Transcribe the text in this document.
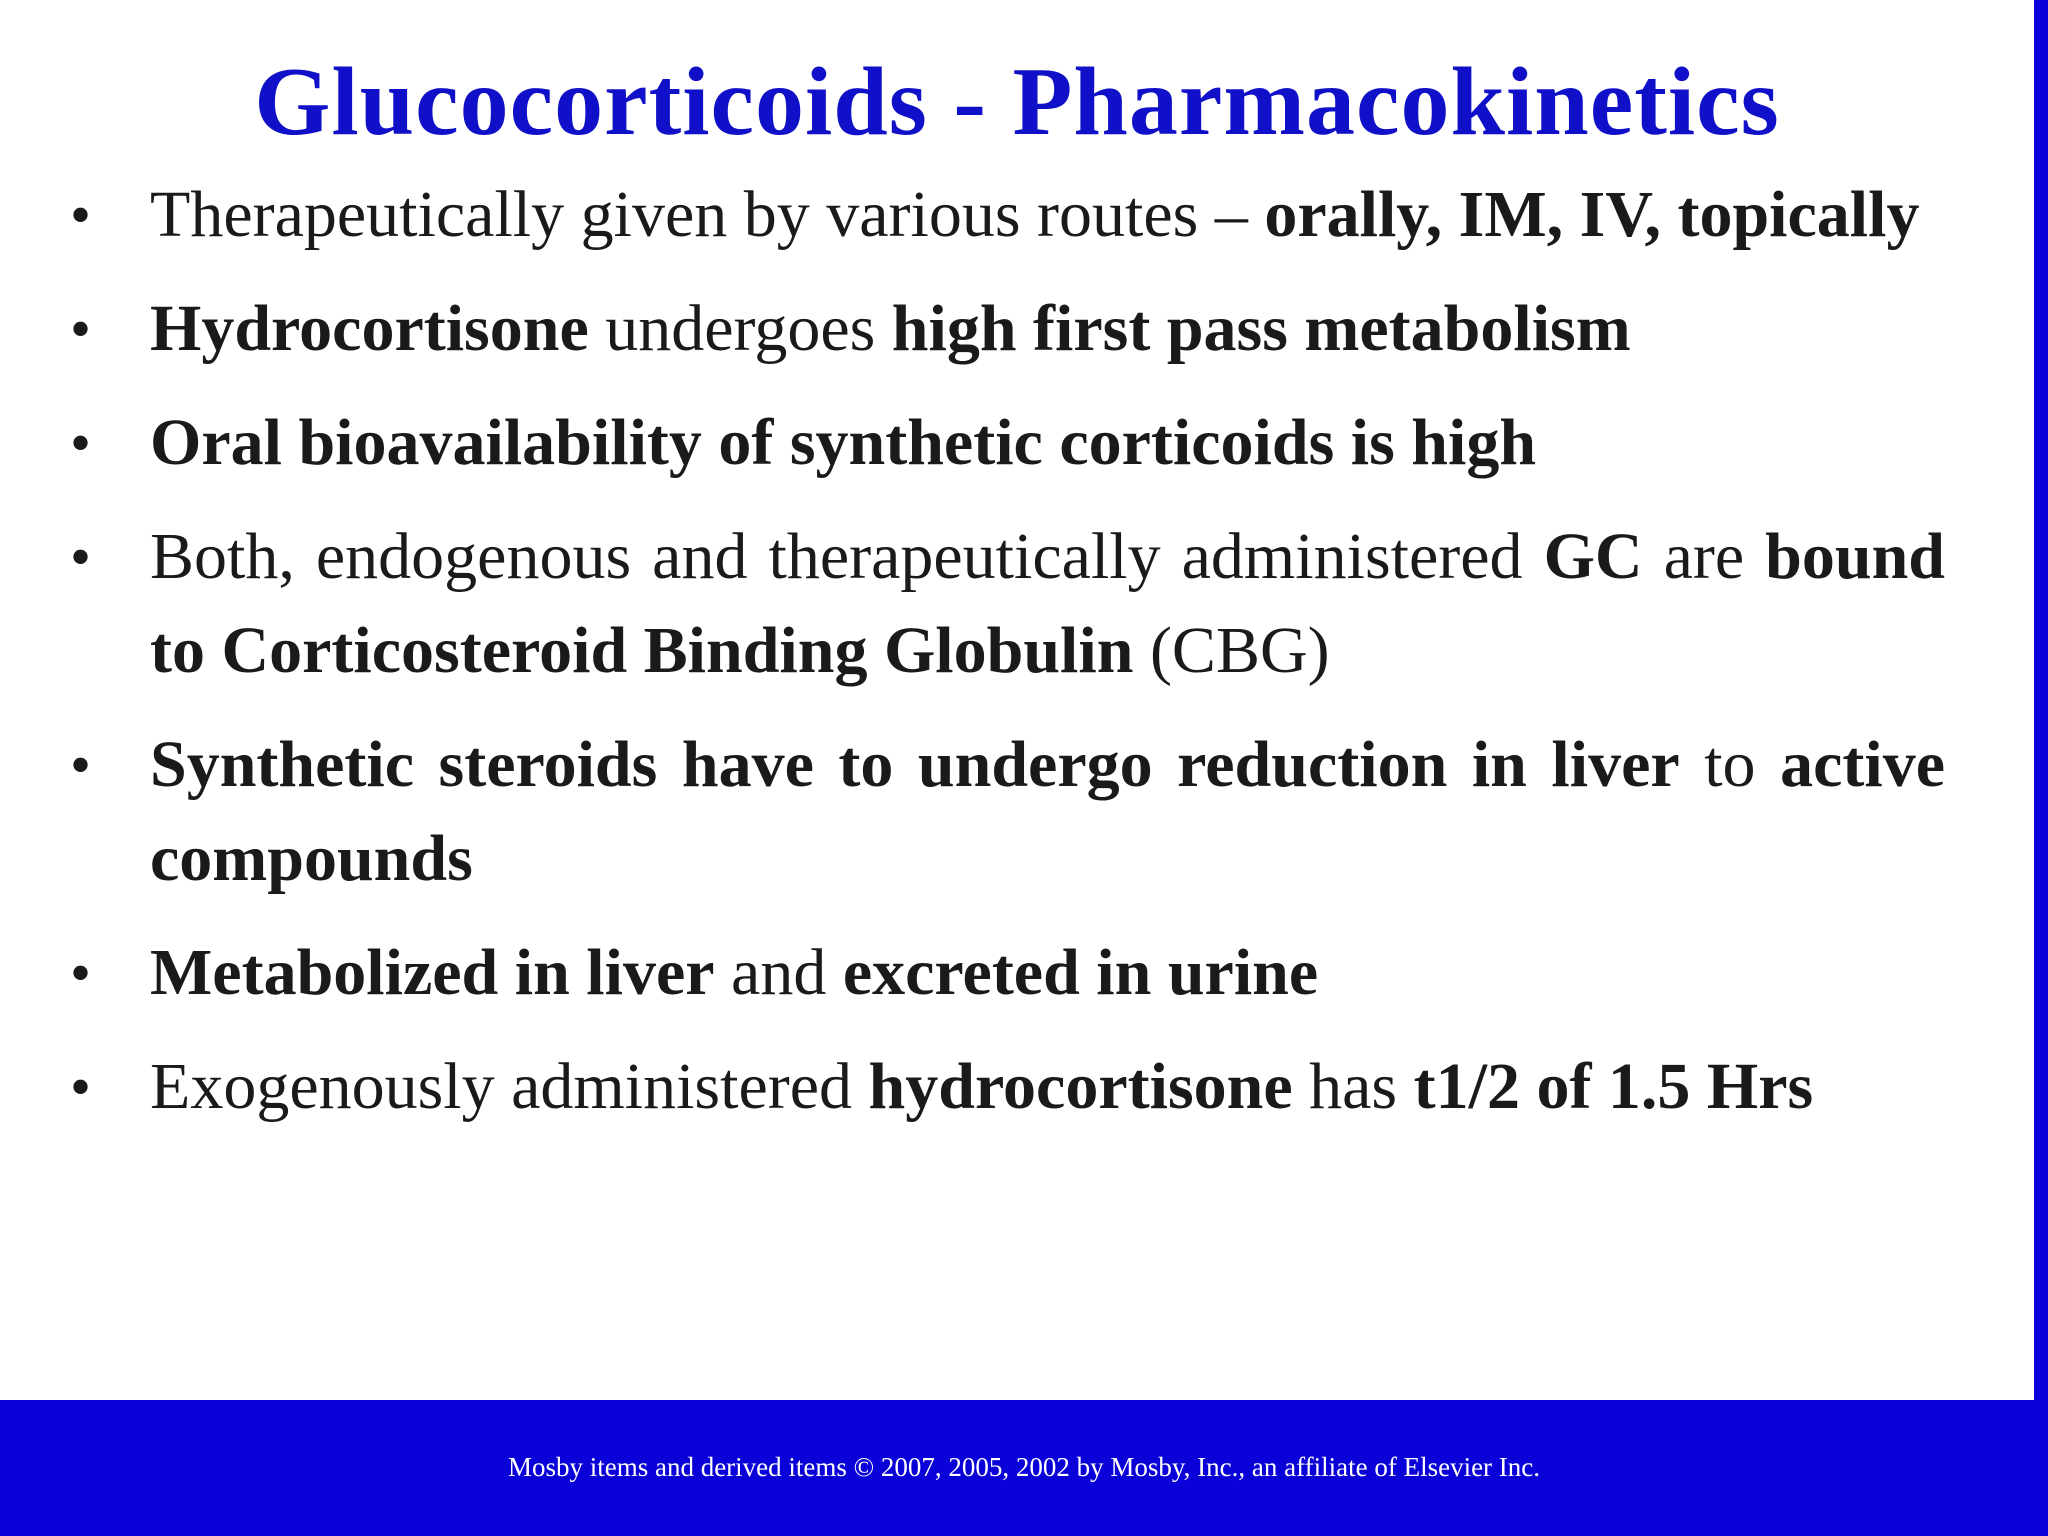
Glucocorticoids - Pharmacokinetics
• Therapeutically given by various routes – orally, IM, IV, topically
• Hydrocortisone undergoes high first pass metabolism
• Oral bioavailability of synthetic corticoids is high
• Both, endogenous and therapeutically administered GC are bound to Corticosteroid Binding Globulin (CBG)
• Synthetic steroids have to undergo reduction in liver to active compounds
• Metabolized in liver and excreted in urine
• Exogenously administered hydrocortisone has t1/2 of 1.5 Hrs
Mosby items and derived items © 2007, 2005, 2002 by Mosby, Inc., an affiliate of Elsevier Inc.
